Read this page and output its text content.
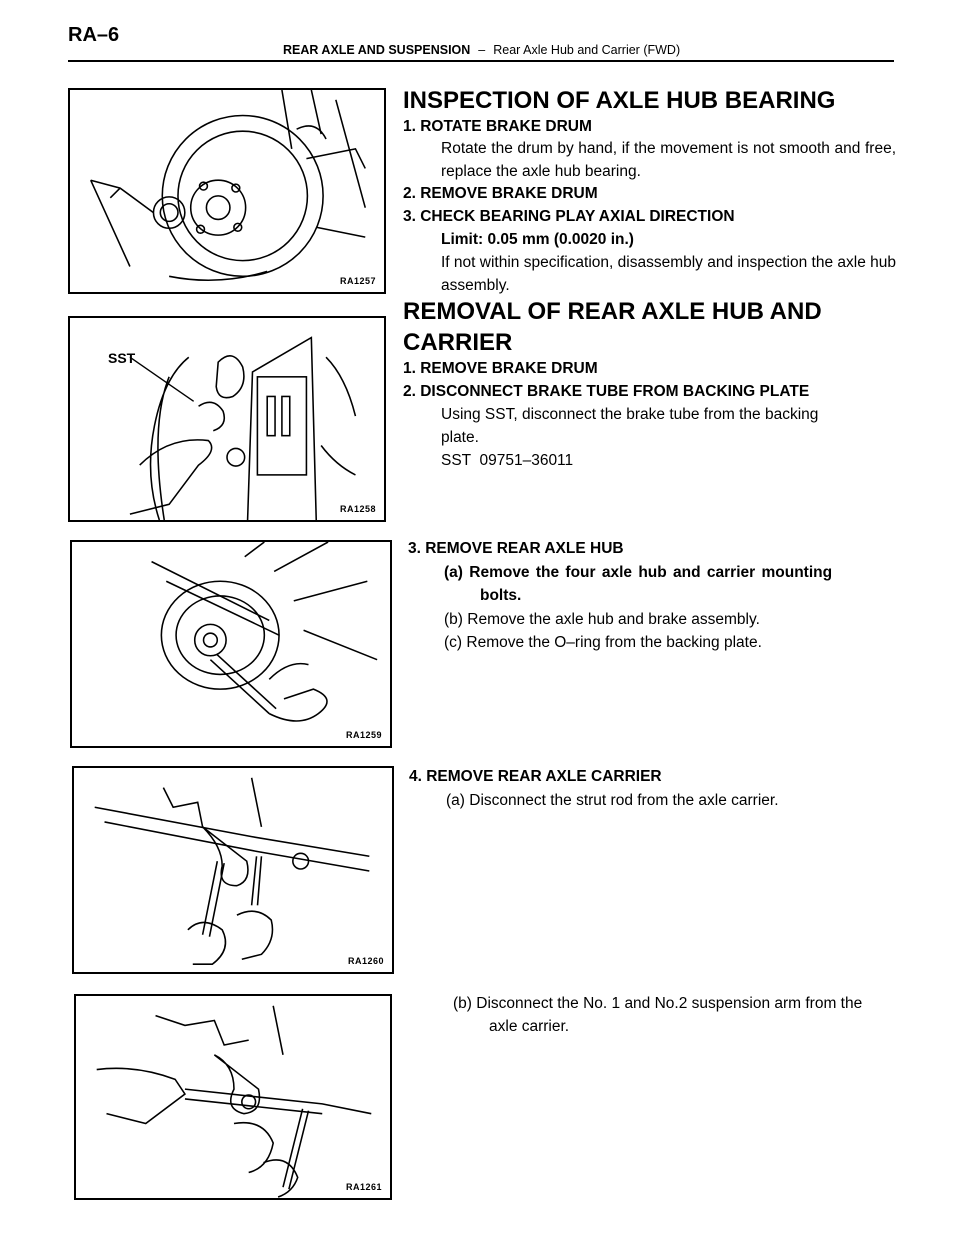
RA–6
REAR AXLE AND SUSPENSION – Rear Axle Hub and Carrier (FWD)
RA1257
RA1258
SST
RA1259
RA1260
RA1261
INSPECTION OF AXLE HUB BEARING
1. ROTATE BRAKE DRUM
Rotate the drum by hand, if the movement is not smooth and free, replace the axle hub bearing.
2. REMOVE BRAKE DRUM
3. CHECK BEARING PLAY AXIAL DIRECTION
Limit: 0.05 mm (0.0020 in.)
If not within specification, disassembly and inspection the axle hub assembly.
REMOVAL OF REAR AXLE HUB AND
CARRIER
1. REMOVE BRAKE DRUM
2. DISCONNECT BRAKE TUBE FROM BACKING PLATE
Using SST, disconnect the brake tube from the backing
plate.
SST  09751–36011
3. REMOVE REAR AXLE HUB
(a) Remove the four axle hub and carrier mounting
bolts.
(b) Remove the axle hub and brake assembly.
(c) Remove the O–ring from the backing plate.
4. REMOVE REAR AXLE CARRIER
(a) Disconnect the strut rod from the axle carrier.
(b) Disconnect the No. 1 and No.2 suspension arm from the
axle carrier.
